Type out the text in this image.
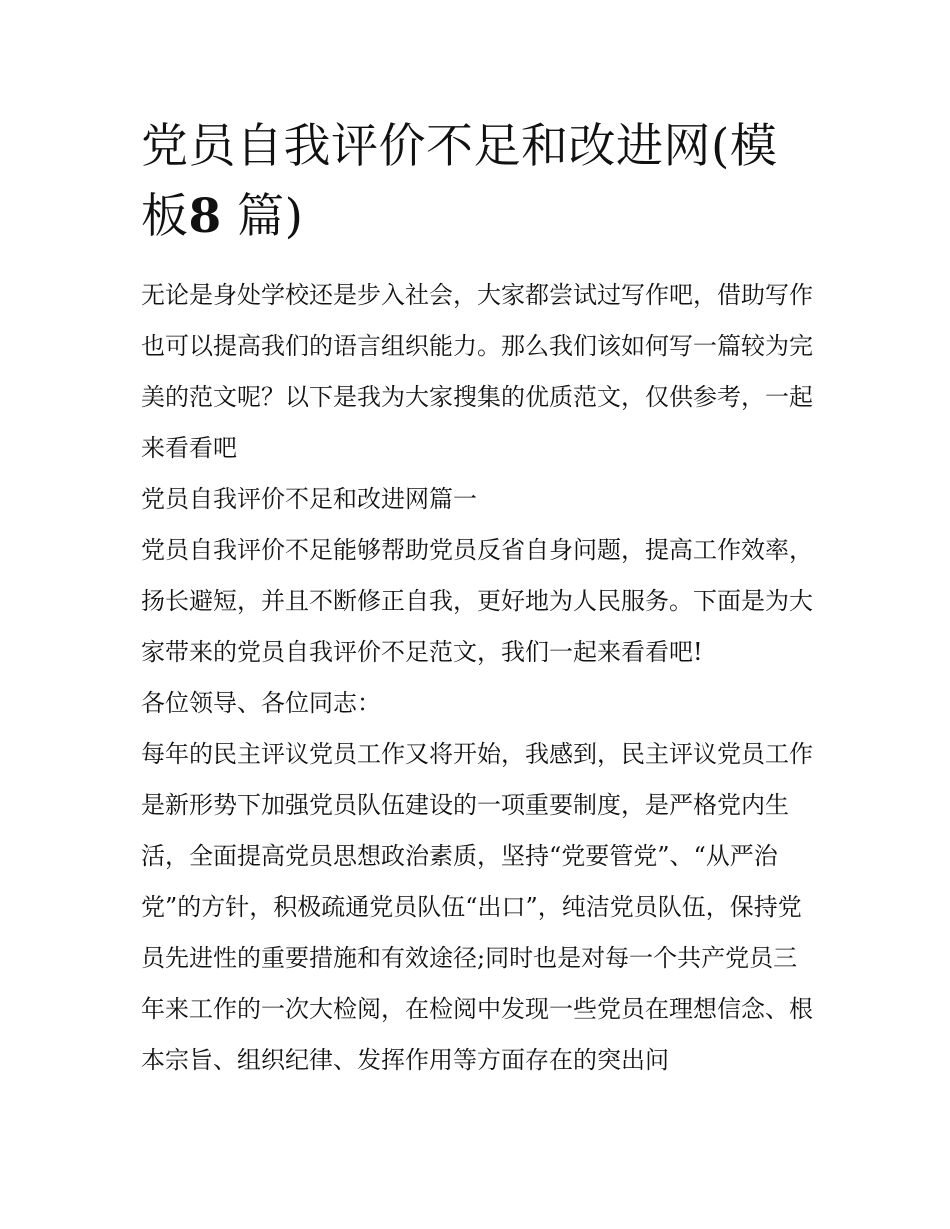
党员自我评价不足和改进网(模板8 篇)

无论是身处学校还是步入社会，大家都尝试过写作吧，借助写作也可以提高我们的语言组织能力。那么我们该如何写一篇较为完美的范文呢？以下是我为大家搜集的优质范文，仅供参考，一起来看看吧

党员自我评价不足和改进网篇一

党员自我评价不足能够帮助党员反省自身问题，提高工作效率，扬长避短，并且不断修正自我，更好地为人民服务。下面是为大家带来的党员自我评价不足范文，我们一起来看看吧!

各位领导、各位同志：

每年的民主评议党员工作又将开始，我感到，民主评议党员工作是新形势下加强党员队伍建设的一项重要制度，是严格党内生活，全面提高党员思想政治素质，坚持“党要管党”、“从严治党”的方针，积极疏通党员队伍“出口”，纯洁党员队伍，保持党员先进性的重要措施和有效途径;同时也是对每一个共产党员三年来工作的一次大检阅，在检阅中发现一些党员在理想信念、根本宗旨、组织纪律、发挥作用等方面存在的突出问
